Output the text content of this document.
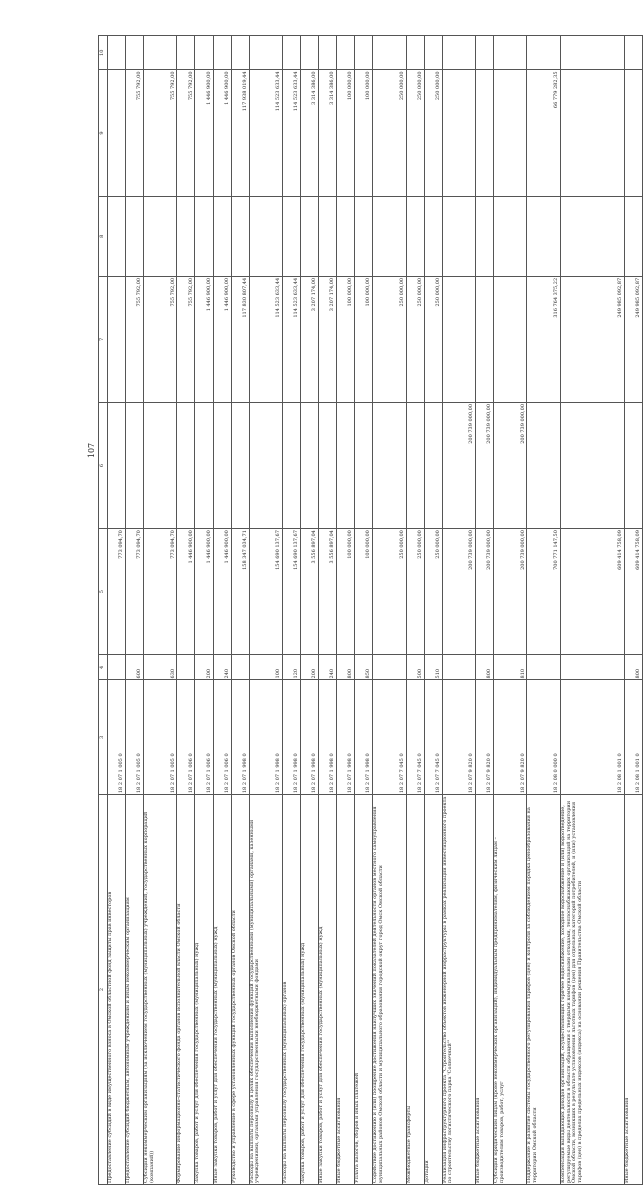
107
2	3	4	5	6	7	8	9	10
Предоставление субсидий в виде имущественного взноса в Омской областной фонд защиты прав инвесторов	18 2 07 1 005 0		773 094,70					
Предоставление субсидий бюджетным, автономным учреждениям и иным некоммерческим организациям	18 2 07 1 005 0	600	773 094,70		755 792,00		755 792,00	
Субсидии некоммерческим организациям (за исключением государственных (муниципальных) учреждений, государственных корпораций (компаний))	18 2 07 1 005 0	630	773 094,70		755 792,00		755 792,00	
Формирование информационно-статистического фонда органов исполнительной власти Омской области	18 2 07 1 006 0		1 446 900,00		755 792,00		755 792,00	
Закупка товаров, работ и услуг для обеспечения государственных (муниципальных) нужд	18 2 07 1 006 0	200	1 446 900,00		1 446 900,00		1 446 900,00	
Иные закупки товаров, работ и услуг для обеспечения государственных (муниципальных) нужд	18 2 07 1 006 0	240	1 446 900,00		1 446 900,00		1 446 900,00	
Руководство и управление в сфере установленных функций государственных органов Омской области	18 2 07 1 998 0		158 347 034,71		117 830 807,44		117 938 019,44	
Расходы на выплаты персоналу в целях обеспечения выполнения функций государственными (муниципальными) органами, казенными учреждениями, органами управления государственными внебюджетными фондами	18 2 07 1 998 0	100	154 690 137,67		114 523 633,44		114 523 633,44	
Расходы на выплаты персоналу государственных (муниципальных) органов	18 2 07 1 998 0	120	154 690 137,67		114 523 633,44		114 523 633,44	
Закупка товаров, работ и услуг для обеспечения государственных (муниципальных) нужд	18 2 07 1 998 0	200	3 556 897,04		3 207 174,00		3 314 386,00	
Иные закупки товаров, работ и услуг для обеспечения государственных (муниципальных) нужд	18 2 07 1 998 0	240	3 556 897,04		3 207 174,00		3 314 386,00	
Иные бюджетные ассигнования	18 2 07 1 998 0	800	100 000,00		100 000,00		100 000,00	
Уплата налогов, сборов и иных платежей	18 2 07 1 998 0	850	100 000,00		100 000,00		100 000,00	
Содействие достижению и (или) поощрение достижения наилучших значений показателей деятельности органов местного самоуправления муниципальных районов Омской области и муниципального образования городской округ город Омск Омской области	18 2 07 7 045 0		250 000,00		250 000,00		250 000,00	
Межбюджетные трансферты	18 2 07 7 045 0	500	250 000,00		250 000,00		250 000,00	
Дотации	18 2 07 7 045 0	510	250 000,00		250 000,00		250 000,00	
Реализация инфраструктурного проекта "Строительство объектов инженерной инфраструктуры в рамках реализации инвестиционного проекта по строительству логистического парка 'Солнечный'"	18 2 07 9 820 0		200 739 000,00	200 739 000,00				
Иные бюджетные ассигнования	18 2 07 9 820 0	800	200 739 000,00	200 739 000,00				
Субсидии юридическим лицам (кроме некоммерческих организаций), индивидуальным предпринимателям, физическим лицам – производителям товаров, работ, услуг	18 2 07 9 820 0	810	200 739 000,00	200 739 000,00				
Поддержание и развитие системы государственного регулирования тарифов (цен) и контроля за соблюдением порядка ценообразования на территории Омской области	18 2 08 0 000 0		700 771 147,50		316 764 375,22		66 779 282,35	
Компенсация выпадающих доходов организаций, осуществляющих горячее водоснабжение, холодное водоснабжение и (или) водоотведение, регулируемые виды деятельности в области обращения с твердыми коммунальными отходами, теплоснабжающих организаций на территории Омской области, возникших в результате установления льготных тарифов (цен) для отдельных категорий потребителей, и (или) установления тарифов (цен) в пределах предельных индексов (индекса) на основании решения Правительства Омской области	18 2 08 1 001 0		609 414 758,09		249 985 092,87			
Иные бюджетные ассигнования	18 2 08 1 001 0	800	609 414 758,09		249 985 092,87			
